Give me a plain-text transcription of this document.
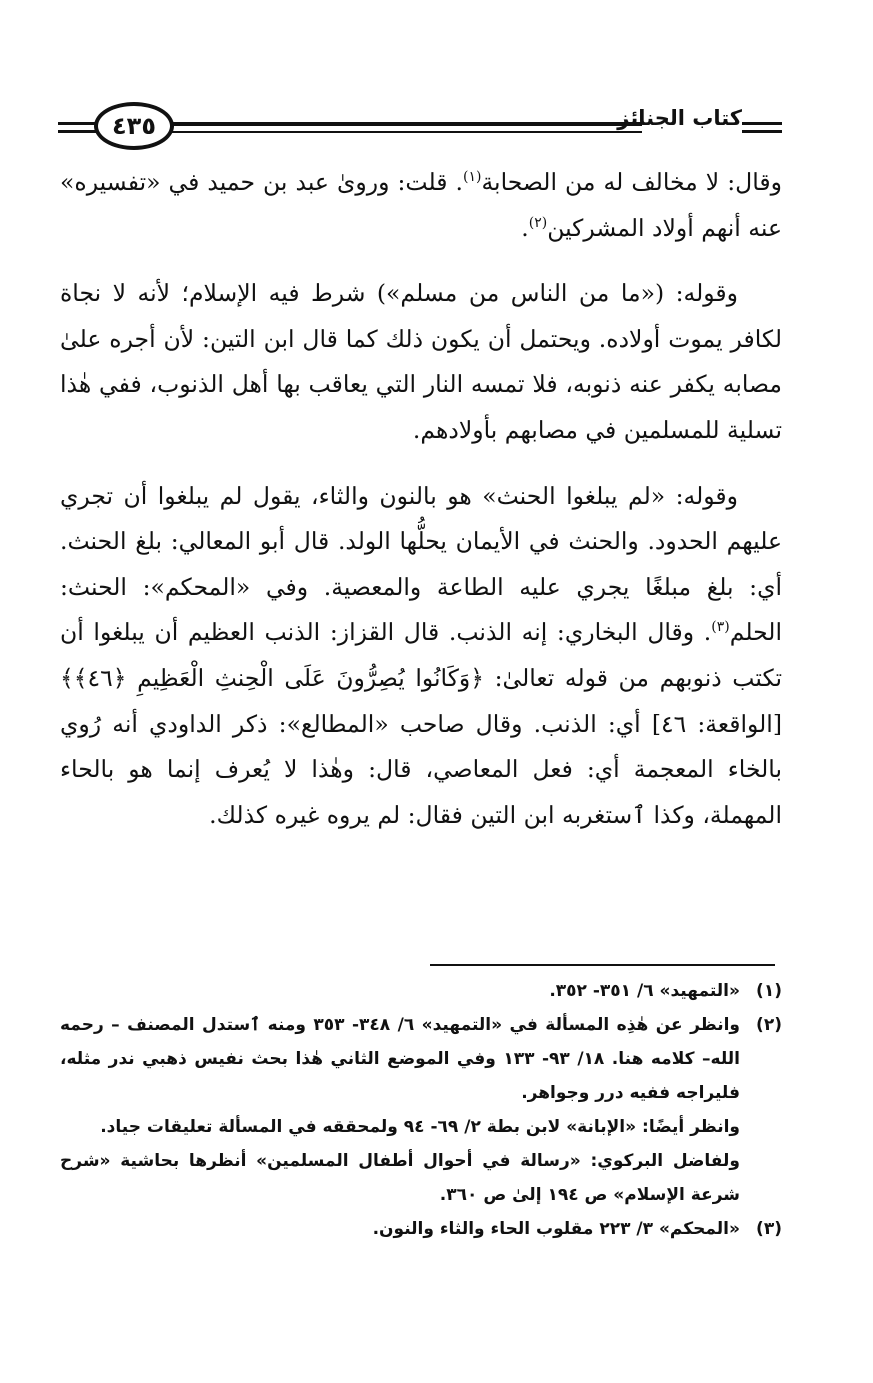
٤٣٥	كتاب الجنائز

وقال: لا مخالف له من الصحابة$^{(١)}$. قلت: وروىٰ عبد بن حميد في «تفسيره» عنه أنهم أولاد المشركين$^{(٢)}$.

وقوله: («ما من الناس من مسلم») شرط فيه الإسلام؛ لأنه لا نجاة لكافر يموت أولاده. ويحتمل أن يكون ذلك كما قال ابن التين: لأن أجره علىٰ مصابه يكفر عنه ذنوبه، فلا تمسه النار التي يعاقب بها أهل الذنوب، ففي هٰذا تسلية للمسلمين في مصابهم بأولادهم.

وقوله: «لم يبلغوا الحنث» هو بالنون والثاء، يقول لم يبلغوا أن تجري عليهم الحدود. والحنث في الأيمان يحلُّها الولد. قال أبو المعالي: بلغ الحنث. أي: بلغ مبلغًا يجري عليه الطاعة والمعصية. وفي «المحكم»: الحنث: الحلم$^{(٣)}$. وقال البخاري: إنه الذنب. قال القزاز: الذنب العظيم أن يبلغوا أن تكتب ذنوبهم من قوله تعالىٰ: ﴿وَكَانُوا يُصِرُّونَ عَلَى الْحِنثِ الْعَظِيمِ ﴿٤٦﴾﴾ [الواقعة: ٤٦] أي: الذنب. وقال صاحب «المطالع»: ذكر الداودي أنه رُوي بالخاء المعجمة أي: فعل المعاصي، قال: وهٰذا لا يُعرف إنما هو بالحاء المهملة، وكذا ٱستغربه ابن التين فقال: لم يروه غيره كذلك.

(١)
«التمهيد» ٦/ ٣٥١- ٣٥٢.
(٢)
وانظر عن هٰذِه المسألة في «التمهيد» ٦/ ٣٤٨- ٣٥٣ ومنه ٱستدل المصنف – رحمه الله– كلامه هنا. ١٨/ ٩٣- ١٣٣ وفي الموضع الثاني هٰذا بحث نفيس ذهبي ندر مثله، فليراجه ففيه درر وجواهر.
وانظر أيضًا: «الإبانة» لابن بطة ٢/ ٦٩- ٩٤ ولمحققه في المسألة تعليقات جياد.
ولفاضل البركوي: «رسالة في أحوال أطفال المسلمين» أنظرها بحاشية «شرح شرعة الإسلام» ص ١٩٤ إلىٰ ص ٣٦٠.
(٣)
«المحكم» ٣/ ٢٢٣ مقلوب الحاء والثاء والنون.
